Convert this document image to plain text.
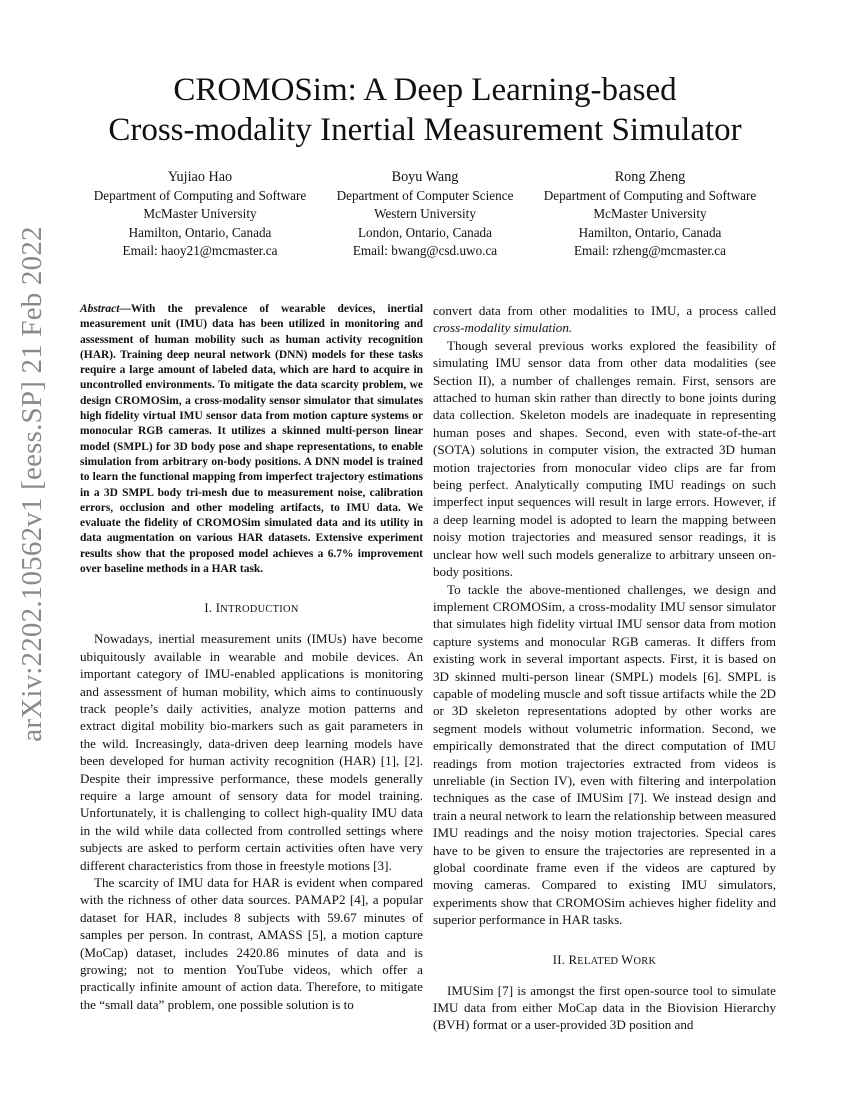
CROMOSim: A Deep Learning-based
Cross-modality Inertial Measurement Simulator
Yujiao Hao
Department of Computing and Software
McMaster University
Hamilton, Ontario, Canada
Email: haoy21@mcmaster.ca
Boyu Wang
Department of Computer Science
Western University
London, Ontario, Canada
Email: bwang@csd.uwo.ca
Rong Zheng
Department of Computing and Software
McMaster University
Hamilton, Ontario, Canada
Email: rzheng@mcmaster.ca
arXiv:2202.10562v1 [eess.SP] 21 Feb 2022	Abstract—With the prevalence of wearable devices, inertial measurement unit (IMU) data has been utilized in monitoring and assessment of human mobility such as human activity recognition (HAR). Training deep neural network (DNN) models for these tasks require a large amount of labeled data, which are hard to acquire in uncontrolled environments. To mitigate the data scarcity problem, we design CROMOSim, a cross-modality sensor simulator that simulates high fidelity virtual IMU sensor data from motion capture systems or monocular RGB cameras. It utilizes a skinned multi-person linear model (SMPL) for 3D body pose and shape representations, to enable simulation from arbitrary on-body positions. A DNN model is trained to learn the functional mapping from imperfect trajectory estimations in a 3D SMPL body tri-mesh due to measurement noise, calibration errors, occlusion and other modeling artifacts, to IMU data. We evaluate the fidelity of CROMOSim simulated data and its utility in data augmentation on various HAR datasets. Extensive experiment results show that the proposed model achieves a 6.7% improvement over baseline methods in a HAR task.

I. INTRODUCTION

Nowadays, inertial measurement units (IMUs) have become ubiquitously available in wearable and mobile devices. An important category of IMU-enabled applications is monitoring and assessment of human mobility, which aims to continuously track people’s daily activities, analyze motion patterns and extract digital mobility bio-markers such as gait parameters in the wild. Increasingly, data-driven deep learning models have been developed for human activity recognition (HAR) [1], [2]. Despite their impressive performance, these models generally require a large amount of sensory data for model training. Unfortunately, it is challenging to collect high-quality IMU data in the wild while data collected from controlled settings where subjects are asked to perform certain activities often have very different characteristics from those in freestyle motions [3].

The scarcity of IMU data for HAR is evident when compared with the richness of other data sources. PAMAP2 [4], a popular dataset for HAR, includes 8 subjects with 59.67 minutes of samples per person. In contrast, AMASS [5], a motion capture (MoCap) dataset, includes 2420.86 minutes of data and is growing; not to mention YouTube videos, which offer a practically infinite amount of action data. Therefore, to mitigate the “small data” problem, one possible solution is to

convert data from other modalities to IMU, a process called cross-modality simulation.

Though several previous works explored the feasibility of simulating IMU sensor data from other data modalities (see Section II), a number of challenges remain. First, sensors are attached to human skin rather than directly to bone joints during data collection. Skeleton models are inadequate in representing human poses and shapes. Second, even with state-of-the-art (SOTA) solutions in computer vision, the extracted 3D human motion trajectories from monocular video clips are far from being perfect. Analytically computing IMU readings on such imperfect input sequences will result in large errors. However, if a deep learning model is adopted to learn the mapping between noisy motion trajectories and measured sensor readings, it is unclear how well such models generalize to arbitrary unseen on-body positions.

To tackle the above-mentioned challenges, we design and implement CROMOSim, a cross-modality IMU sensor simulator that simulates high fidelity virtual IMU sensor data from motion capture systems and monocular RGB cameras. It differs from existing work in several important aspects. First, it is based on 3D skinned multi-person linear (SMPL) models [6]. SMPL is capable of modeling muscle and soft tissue artifacts while the 2D or 3D skeleton representations adopted by other works are segment models without volumetric information. Second, we empirically demonstrated that the direct computation of IMU readings from motion trajectories extracted from videos is unreliable (in Section IV), even with filtering and interpolation techniques as the case of IMUSim [7]. We instead design and train a neural network to learn the relationship between measured IMU readings and the noisy motion trajectories. Special cares have to be given to ensure the trajectories are represented in a global coordinate frame even if the videos are captured by moving cameras. Compared to existing IMU simulators, experiments show that CROMOSim achieves higher fidelity and superior performance in HAR tasks.

II. RELATED WORK

IMUSim [7] is amongst the first open-source tool to simulate IMU data from either MoCap data in the Biovision Hierarchy (BVH) format or a user-provided 3D position and
